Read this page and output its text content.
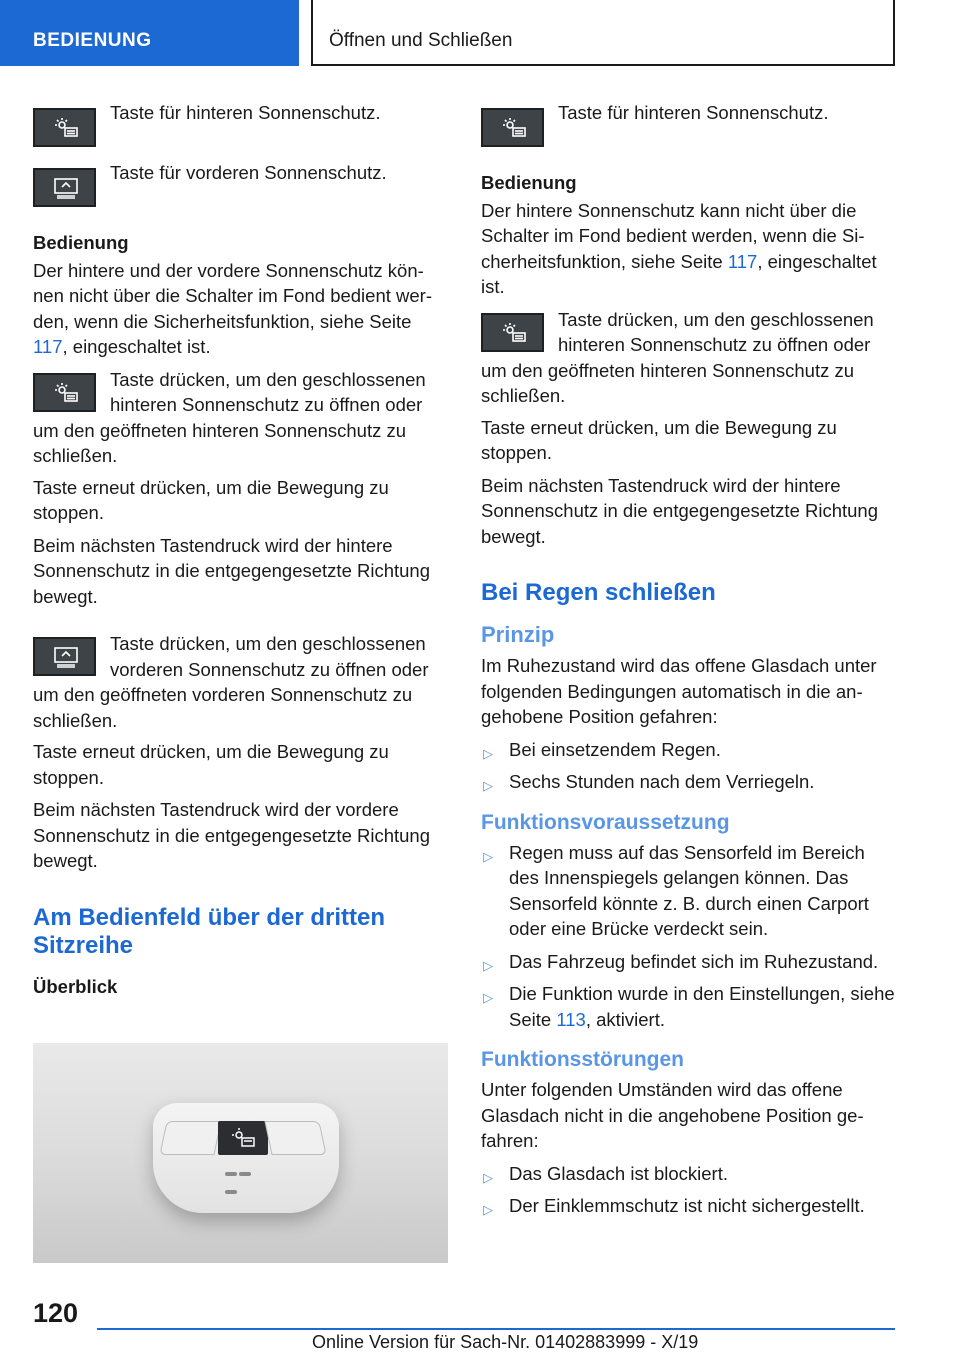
BEDIENUNG	Öffnen und Schließen
Taste für hinteren Sonnenschutz.
Taste für vorderen Sonnenschutz.
Bedienung

Der hintere und der vordere Sonnenschutz können nicht über die Schalter im Fond bedient werden, wenn die Sicherheitsfunktion, siehe Seite 117, eingeschaltet ist.

Taste drücken, um den geschlossenen hinteren Sonnenschutz zu öffnen oder um den geöffneten hinteren Sonnenschutz zu schließen.

Taste erneut drücken, um die Bewegung zu stoppen.

Beim nächsten Tastendruck wird der hintere Sonnenschutz in die entgegengesetzte Richtung bewegt.

Taste drücken, um den geschlossenen vorderen Sonnenschutz zu öffnen oder um den geöffneten vorderen Sonnenschutz zu schließen.

Taste erneut drücken, um die Bewegung zu stoppen.

Beim nächsten Tastendruck wird der vordere Sonnenschutz in die entgegengesetzte Richtung bewegt.

Am Bedienfeld über der dritten Sitzreihe
Überblick
Taste für hinteren Sonnenschutz.
Bedienung

Der hintere Sonnenschutz kann nicht über die Schalter im Fond bedient werden, wenn die Sicherheitsfunktion, siehe Seite 117, eingeschaltet ist.

Taste drücken, um den geschlossenen hinteren Sonnenschutz zu öffnen oder um den geöffneten hinteren Sonnenschutz zu schließen.

Taste erneut drücken, um die Bewegung zu stoppen.

Beim nächsten Tastendruck wird der hintere Sonnenschutz in die entgegengesetzte Richtung bewegt.

Bei Regen schließen
Prinzip

Im Ruhezustand wird das offene Glasdach unter folgenden Bedingungen automatisch in die angehobene Position gefahren:

▷ Bei einsetzendem Regen.
▷ Sechs Stunden nach dem Verriegeln.
Funktionsvoraussetzung
▷ Regen muss auf das Sensorfeld im Bereich des Innenspiegels gelangen können. Das Sensorfeld könnte z. B. durch einen Carport oder eine Brücke verdeckt sein.
▷ Das Fahrzeug befindet sich im Ruhezustand.
▷ Die Funktion wurde in den Einstellungen, siehe Seite 113, aktiviert.
Funktionsstörungen

Unter folgenden Umständen wird das offene Glasdach nicht in die angehobene Position gefahren:

▷ Das Glasdach ist blockiert.
▷ Der Einklemmschutz ist nicht sichergestellt.
120
Online Version für Sach-Nr. 01402883999 - X/19
